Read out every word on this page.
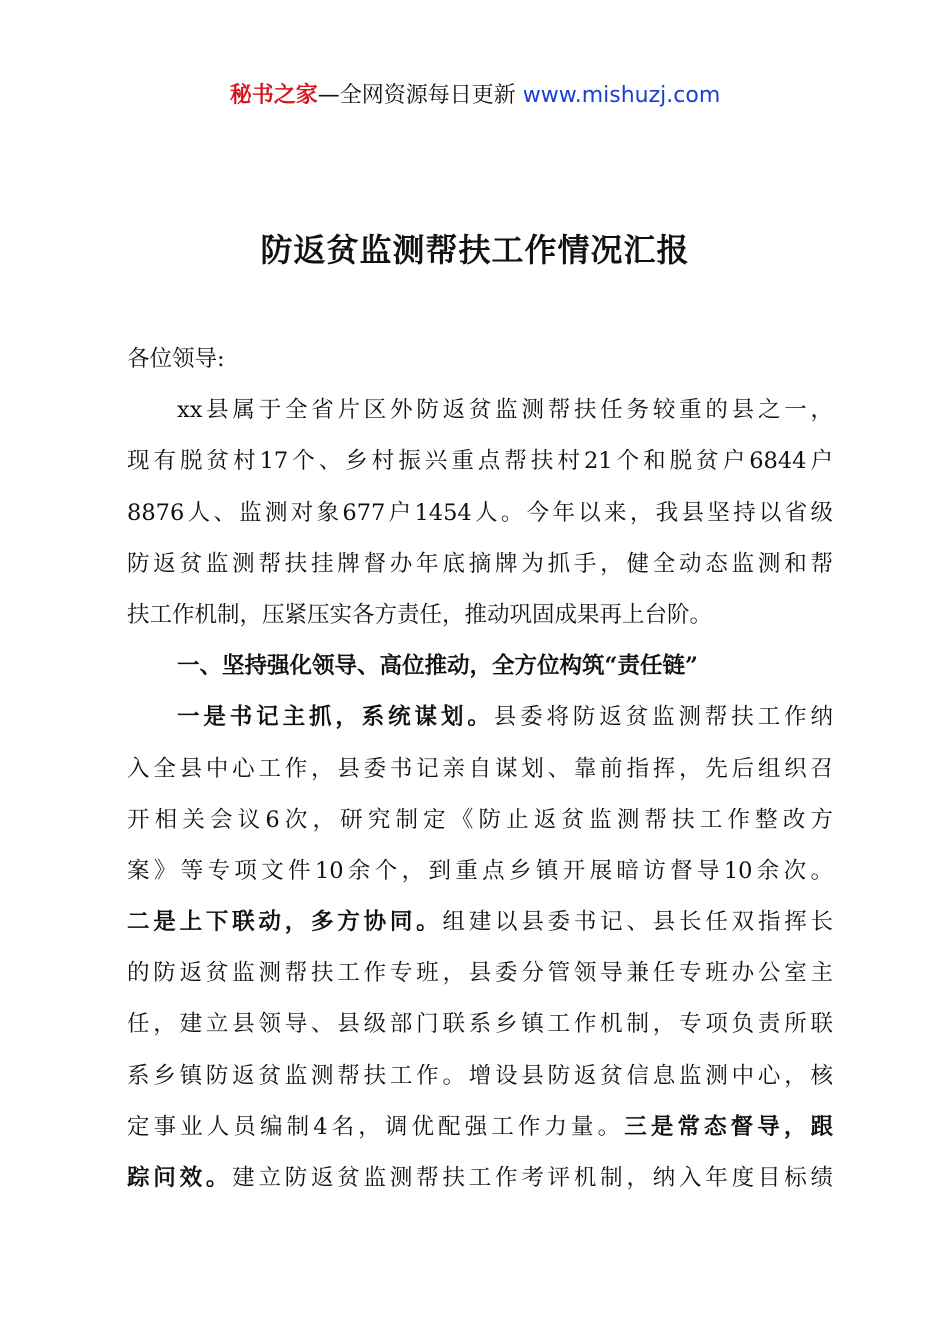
秘书之家—全网资源每日更新 www.mishuzj.com
防返贫监测帮扶工作情况汇报
各位领导:
xx县属于全省片区外防返贫监测帮扶任务较重的县之一，
现有脱贫村17个、乡村振兴重点帮扶村21个和脱贫户6844户
8876人、监测对象677户1454人。今年以来，我县坚持以省级
防返贫监测帮扶挂牌督办年底摘牌为抓手，健全动态监测和帮
扶工作机制，压紧压实各方责任，推动巩固成果再上台阶。
一、坚持强化领导、高位推动，全方位构筑“责任链”
一是书记主抓，系统谋划。县委将防返贫监测帮扶工作纳
入全县中心工作，县委书记亲自谋划、靠前指挥，先后组织召
开相关会议6次，研究制定《防止返贫监测帮扶工作整改方
案》等专项文件10余个，到重点乡镇开展暗访督导10余次。
二是上下联动，多方协同。组建以县委书记、县长任双指挥长
的防返贫监测帮扶工作专班，县委分管领导兼任专班办公室主
任，建立县领导、县级部门联系乡镇工作机制，专项负责所联
系乡镇防返贫监测帮扶工作。增设县防返贫信息监测中心，核
定事业人员编制4名，调优配强工作力量。三是常态督导，跟
踪问效。建立防返贫监测帮扶工作考评机制，纳入年度目标绩
